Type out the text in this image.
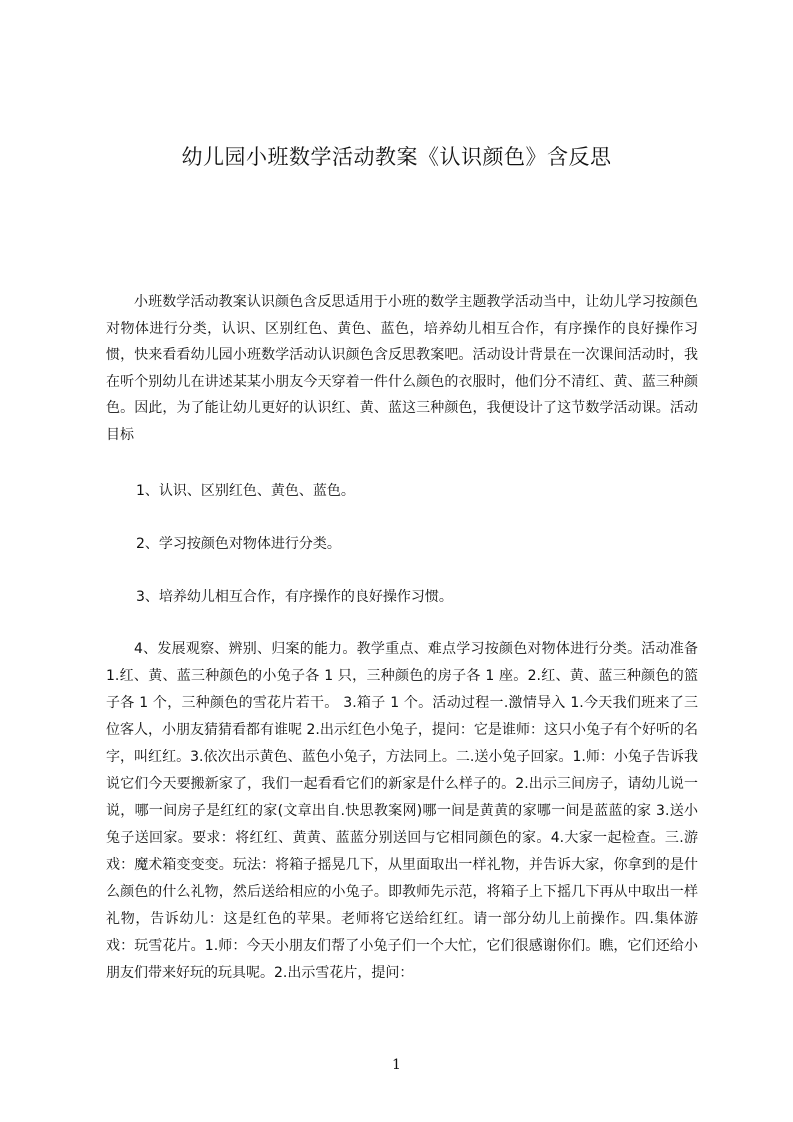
幼儿园小班数学活动教案《认识颜色》含反思

小班数学活动教案认识颜色含反思适用于小班的数学主题教学活动当中，让幼儿学习按颜色对物体进行分类，认识、区别红色、黄色、蓝色，培养幼儿相互合作，有序操作的良好操作习惯，快来看看幼儿园小班数学活动认识颜色含反思教案吧。活动设计背景在一次课间活动时，我在听个别幼儿在讲述某某小朋友今天穿着一件什么颜色的衣服时，他们分不清红、黄、蓝三种颜色。因此，为了能让幼儿更好的认识红、黄、蓝这三种颜色，我便设计了这节数学活动课。活动目标

1、认识、区别红色、黄色、蓝色。

2、学习按颜色对物体进行分类。

3、培养幼儿相互合作，有序操作的良好操作习惯。

4、发展观察、辨别、归案的能力。教学重点、难点学习按颜色对物体进行分类。活动准备 1.红、黄、蓝三种颜色的小兔子各 1 只，三种颜色的房子各 1 座。2.红、黄、蓝三种颜色的篮子各 1 个，三种颜色的雪花片若干。 3.箱子 1 个。活动过程一.激情导入 1.今天我们班来了三位客人，小朋友猜猜看都有谁呢 2.出示红色小兔子，提问：它是谁师：这只小兔子有个好听的名字，叫红红。3.依次出示黄色、蓝色小兔子，方法同上。二.送小兔子回家。1.师：小兔子告诉我说它们今天要搬新家了，我们一起看看它们的新家是什么样子的。2.出示三间房子，请幼儿说一说，哪一间房子是红红的家(文章出自.快思教案网)哪一间是黄黄的家哪一间是蓝蓝的家 3.送小兔子送回家。要求：将红红、黄黄、蓝蓝分别送回与它相同颜色的家。4.大家一起检查。三.游戏：魔术箱变变变。玩法：将箱子摇晃几下，从里面取出一样礼物，并告诉大家，你拿到的是什么颜色的什么礼物，然后送给相应的小兔子。即教师先示范，将箱子上下摇几下再从中取出一样礼物，告诉幼儿：这是红色的苹果。老师将它送给红红。请一部分幼儿上前操作。四.集体游戏：玩雪花片。1.师：今天小朋友们帮了小兔子们一个大忙，它们很感谢你们。瞧，它们还给小朋友们带来好玩的玩具呢。2.出示雪花片，提问：

1
